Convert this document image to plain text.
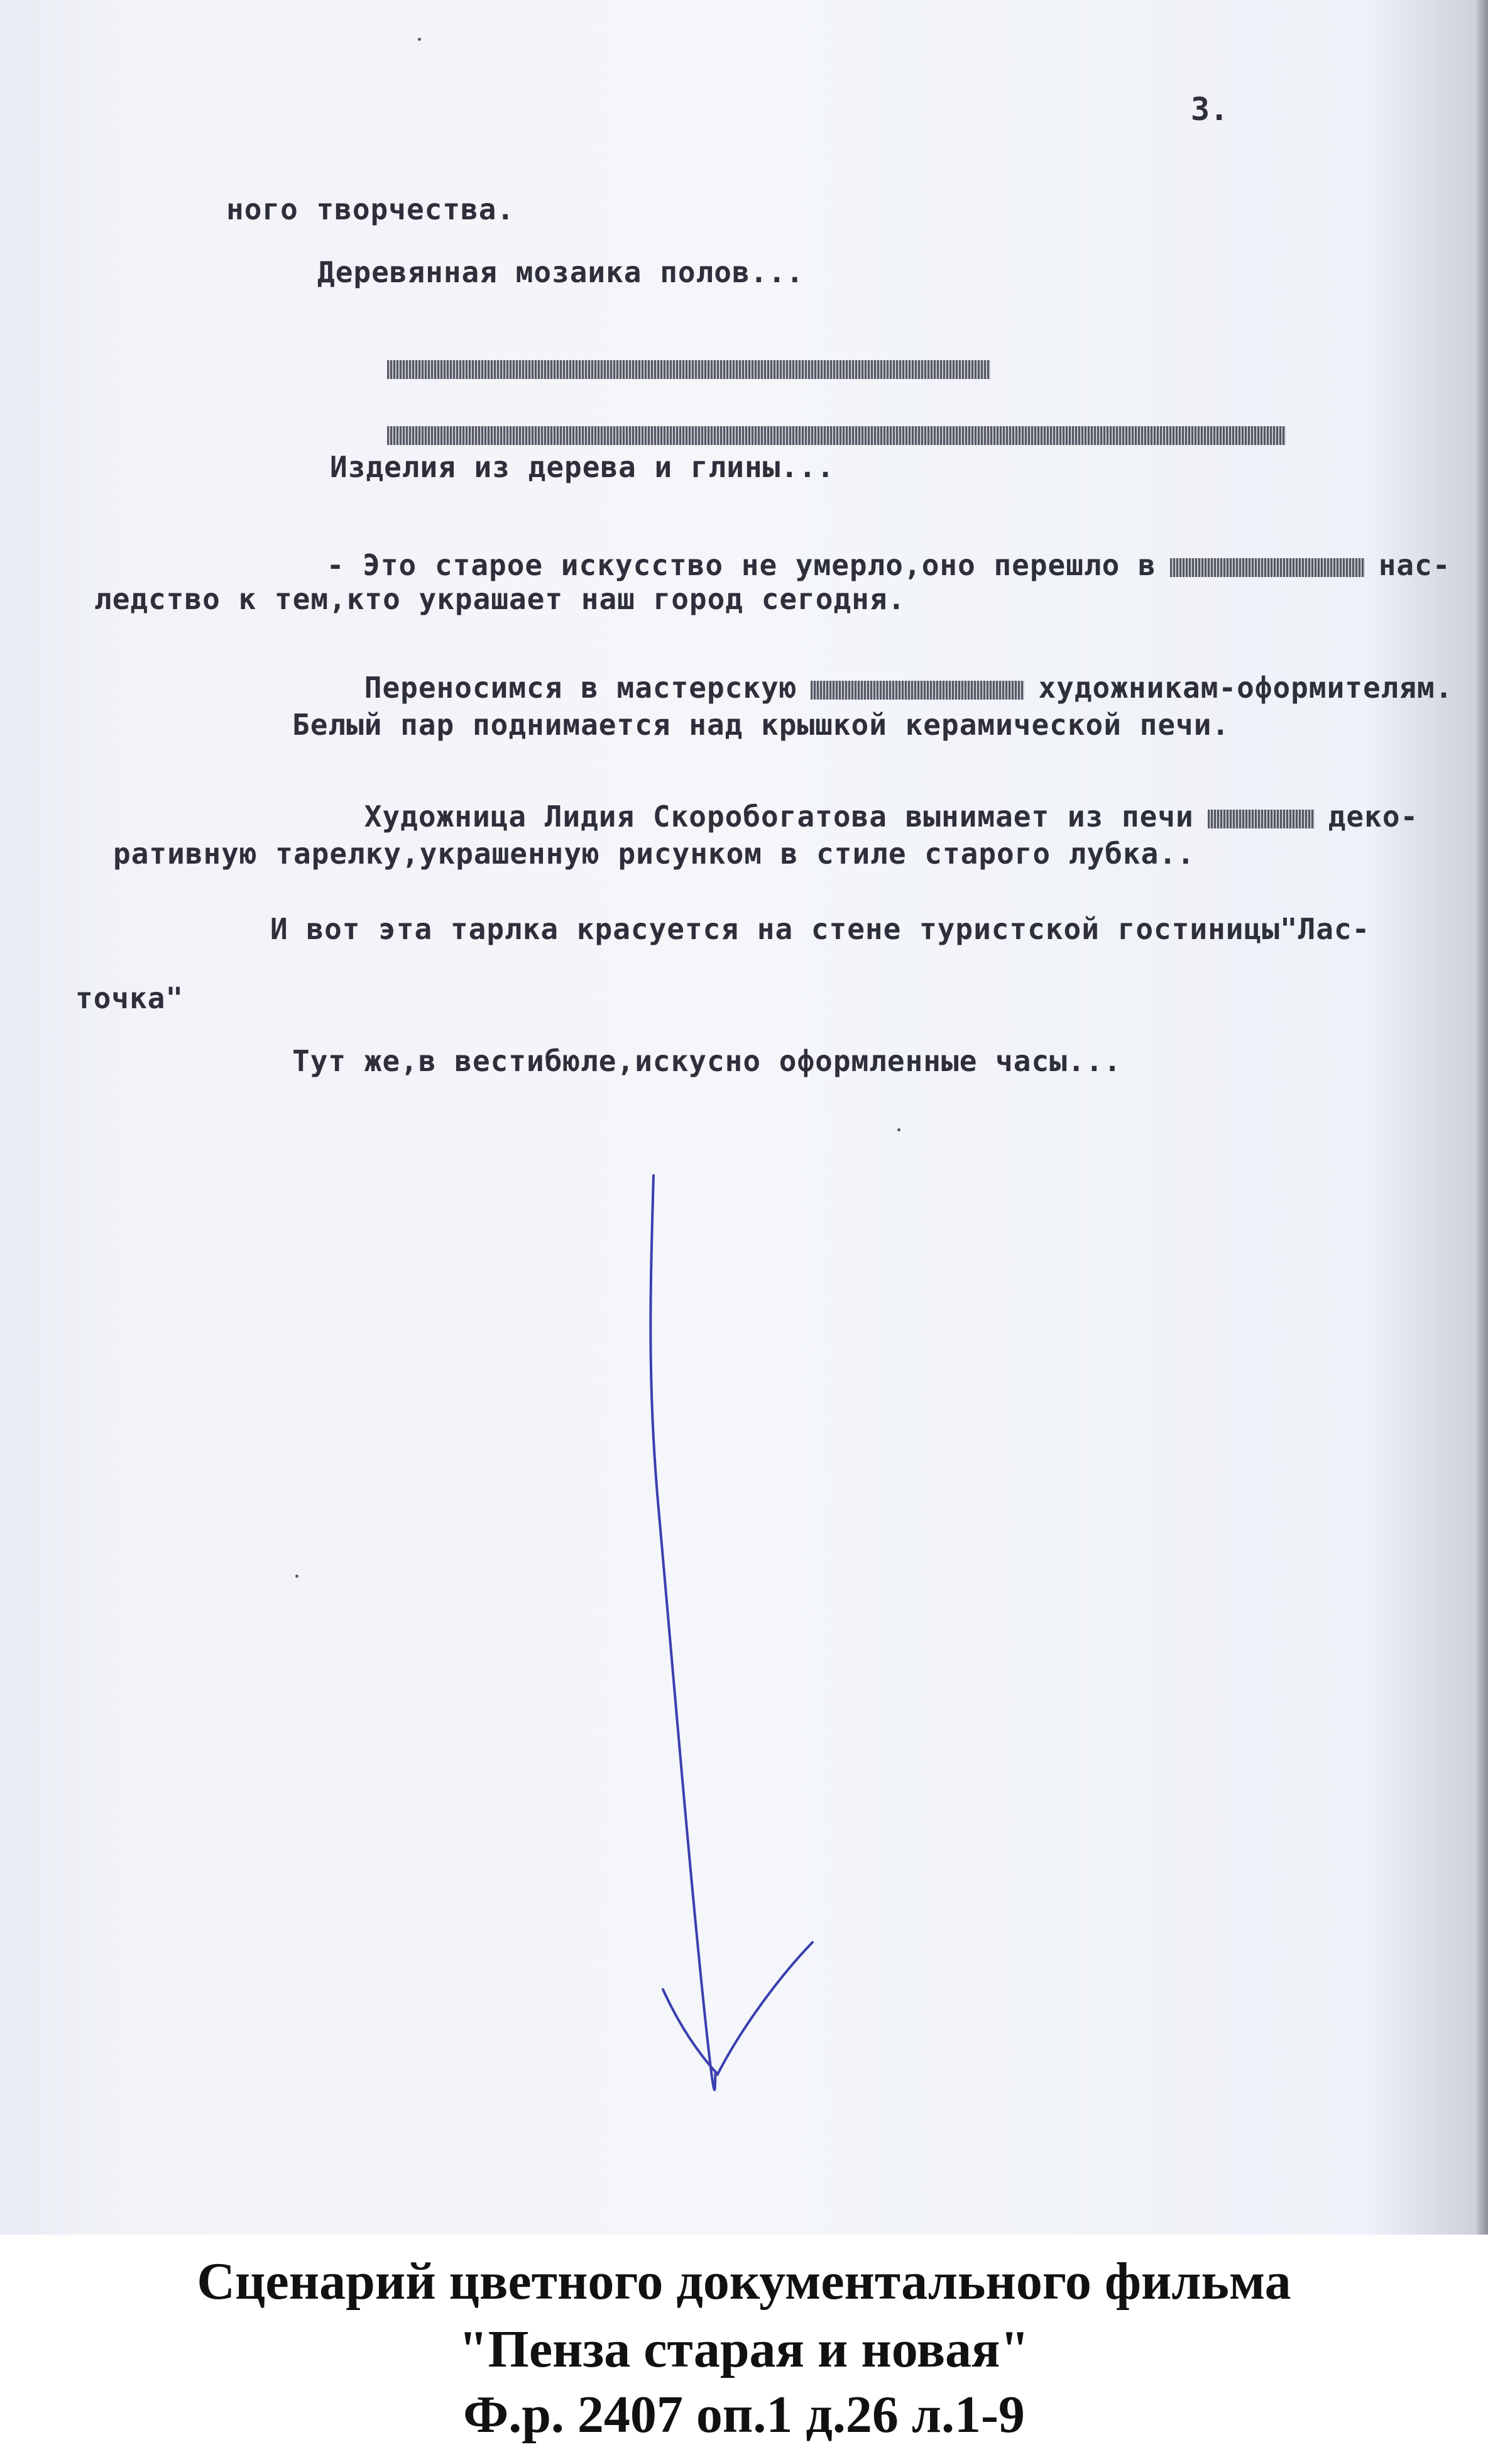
3.
ного творчества.
Деревянная мозаика полов...

Изделия из дерева и глины...

- Это старое искусство не умерло,оно перешло в	нас-

ледство к тем,кто украшает наш город сегодня.

Переносимся в мастерскую	художникам-оформителям.

Белый пар поднимается над крышкой керамической печи.

Художница Лидия Скоробогатова вынимает из печи	деко-

ративную тарелку,украшенную рисунком в стиле старого лубка..
И вот эта тарлка красуется на стене туристской гостиницы"Лас-
точка"
Тут же,в вестибюле,искусно оформленные часы...
Сценарий цветного документального фильма
"Пенза старая и новая"
Ф.р. 2407 оп.1 д.26 л.1-9
